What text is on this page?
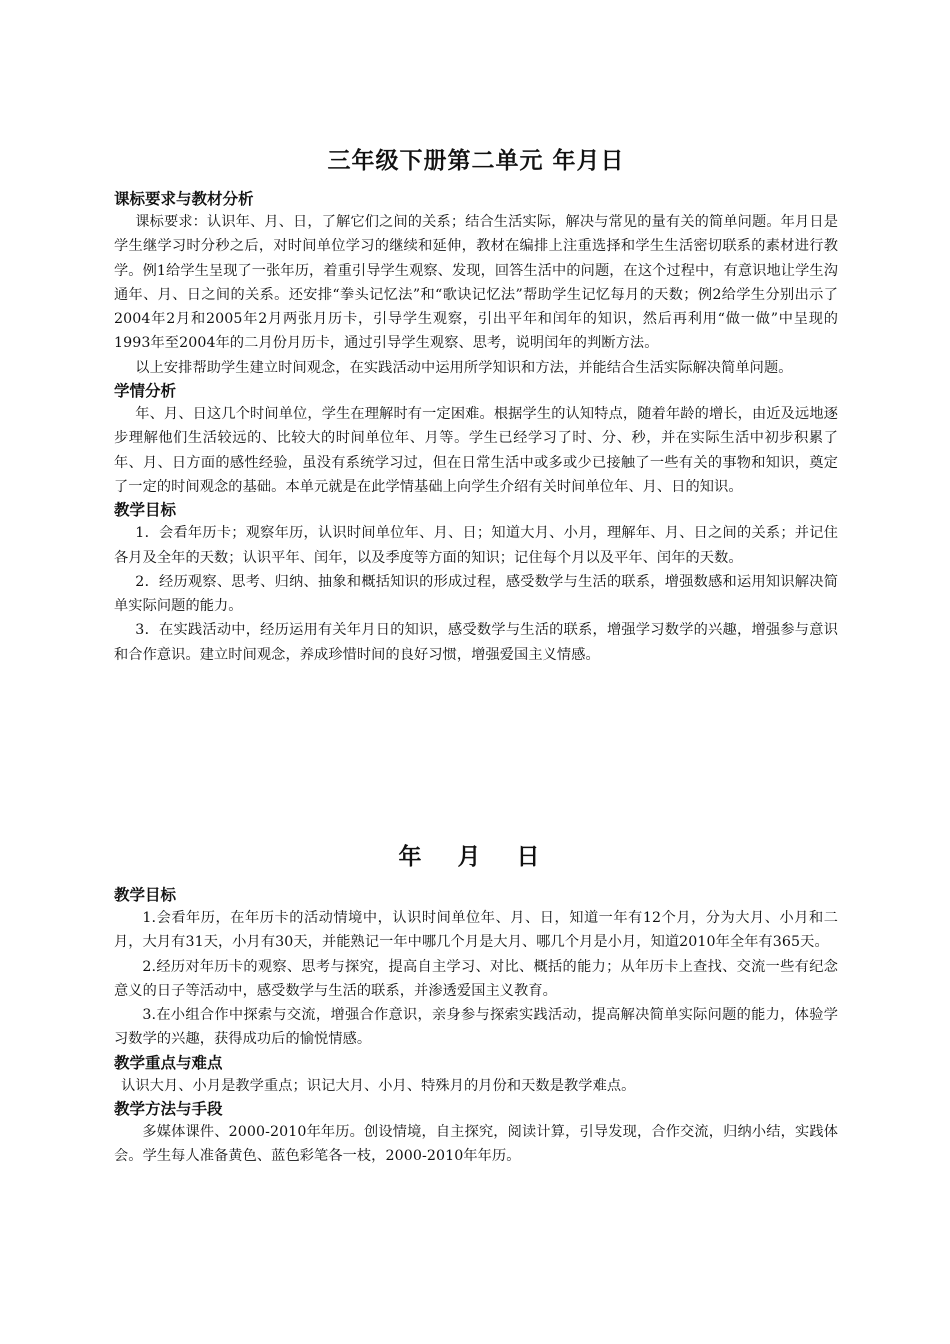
三年级下册第二单元 年月日
课标要求与教材分析

课标要求：认识年、月、日，了解它们之间的关系；结合生活实际，解决与常见的量有关的简单问题。年月日是学生继学习时分秒之后，对时间单位学习的继续和延伸，教材在编排上注重选择和学生生活密切联系的素材进行教学。例1给学生呈现了一张年历，着重引导学生观察、发现，回答生活中的问题，在这个过程中，有意识地让学生沟通年、月、日之间的关系。还安排“拳头记忆法”和“歌诀记忆法”帮助学生记忆每月的天数；例2给学生分别出示了2004年2月和2005年2月两张月历卡，引导学生观察，引出平年和闰年的知识，然后再利用“做一做”中呈现的1993年至2004年的二月份月历卡，通过引导学生观察、思考，说明闰年的判断方法。

以上安排帮助学生建立时间观念，在实践活动中运用所学知识和方法，并能结合生活实际解决简单问题。

学情分析

年、月、日这几个时间单位，学生在理解时有一定困难。根据学生的认知特点，随着年龄的增长，由近及远地逐步理解他们生活较远的、比较大的时间单位年、月等。学生已经学习了时、分、秒，并在实际生活中初步积累了年、月、日方面的感性经验，虽没有系统学习过，但在日常生活中或多或少已接触了一些有关的事物和知识，奠定了一定的时间观念的基础。本单元就是在此学情基础上向学生介绍有关时间单位年、月、日的知识。

教学目标

1．会看年历卡；观察年历，认识时间单位年、月、日；知道大月、小月，理解年、月、日之间的关系；并记住各月及全年的天数；认识平年、闰年，以及季度等方面的知识；记住每个月以及平年、闰年的天数。

2．经历观察、思考、归纳、抽象和概括知识的形成过程，感受数学与生活的联系，增强数感和运用知识解决简单实际问题的能力。

3．在实践活动中，经历运用有关年月日的知识，感受数学与生活的联系，增强学习数学的兴趣，增强参与意识和合作意识。建立时间观念，养成珍惜时间的良好习惯，增强爱国主义情感。

年 月 日
教学目标

1.会看年历，在年历卡的活动情境中，认识时间单位年、月、日，知道一年有12个月，分为大月、小月和二月，大月有31天，小月有30天，并能熟记一年中哪几个月是大月、哪几个月是小月，知道2010年全年有365天。

2.经历对年历卡的观察、思考与探究，提高自主学习、对比、概括的能力；从年历卡上查找、交流一些有纪念意义的日子等活动中，感受数学与生活的联系，并渗透爱国主义教育。

3.在小组合作中探索与交流，增强合作意识，亲身参与探索实践活动，提高解决简单实际问题的能力，体验学习数学的兴趣，获得成功后的愉悦情感。

教学重点与难点

认识大月、小月是教学重点；识记大月、小月、特殊月的月份和天数是教学难点。

教学方法与手段

多媒体课件、2000-2010年年历。创设情境，自主探究，阅读计算，引导发现，合作交流，归纳小结，实践体会。学生每人准备黄色、蓝色彩笔各一枝，2000-2010年年历。
